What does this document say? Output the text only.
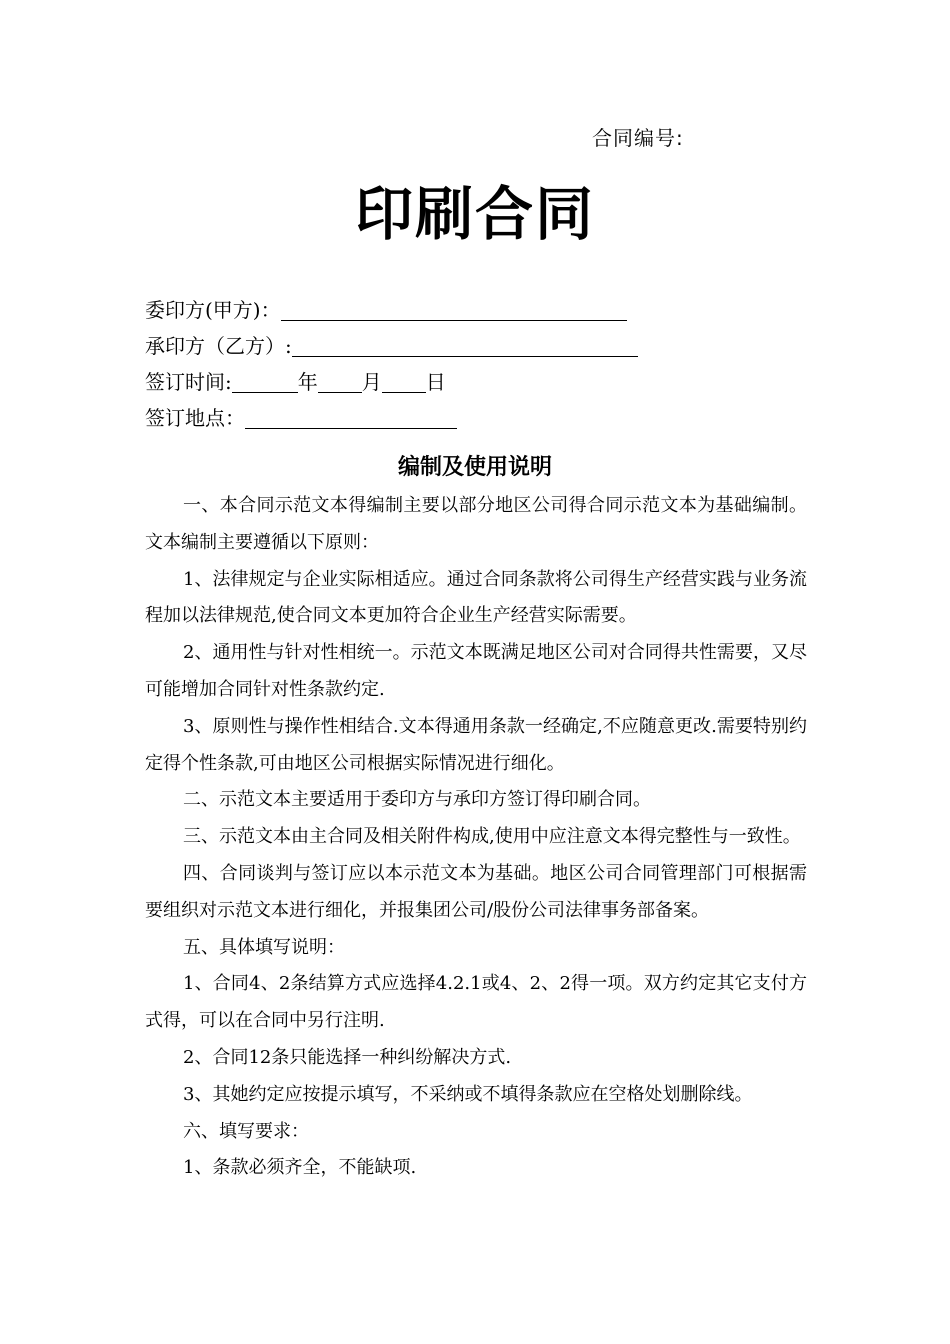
合同编号:
印刷合同
委印方(甲方)：
承印方（乙方）:
签订时间:	年 月 日
签订地点：
编制及使用说明

一、本合同示范文本得编制主要以部分地区公司得合同示范文本为基础编制。文本编制主要遵循以下原则：

1、法律规定与企业实际相适应。通过合同条款将公司得生产经营实践与业务流程加以法律规范,使合同文本更加符合企业生产经营实际需要。

2、通用性与针对性相统一。示范文本既满足地区公司对合同得共性需要，又尽可能增加合同针对性条款约定.

3、原则性与操作性相结合.文本得通用条款一经确定,不应随意更改.需要特别约定得个性条款,可由地区公司根据实际情况进行细化。

二、示范文本主要适用于委印方与承印方签订得印刷合同。

三、示范文本由主合同及相关附件构成,使用中应注意文本得完整性与一致性。

四、合同谈判与签订应以本示范文本为基础。地区公司合同管理部门可根据需要组织对示范文本进行细化，并报集团公司/股份公司法律事务部备案。

五、具体填写说明：

1、合同4、2条结算方式应选择4.2.1或4、2、2得一项。双方约定其它支付方式得，可以在合同中另行注明.

2、合同12条只能选择一种纠纷解决方式.

3、其她约定应按提示填写，不采纳或不填得条款应在空格处划删除线。

六、填写要求：

1、条款必须齐全，不能缺项.
